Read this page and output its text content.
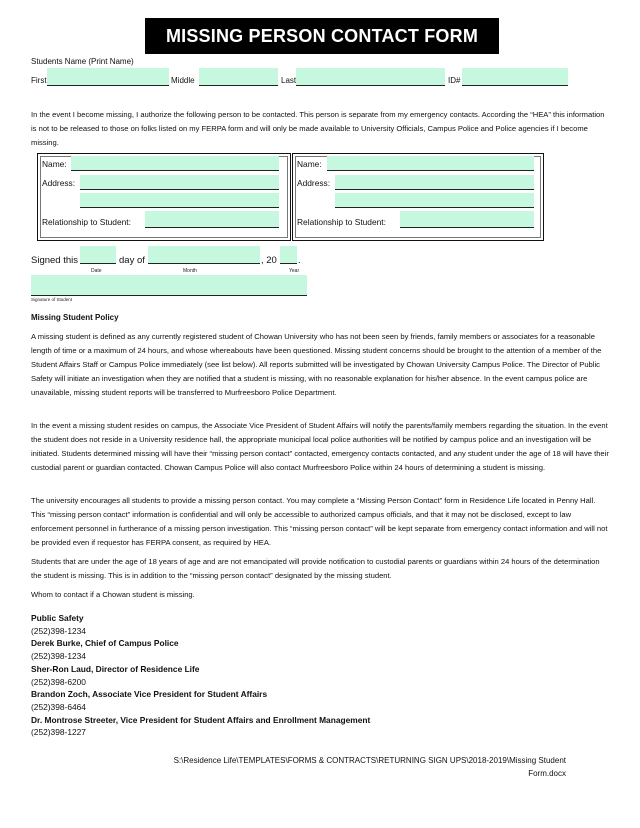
MISSING PERSON CONTACT FORM
Students Name (Print Name)
First	Middle	Last	ID#
In the event I become missing, I authorize the following person to be contacted. This person is separate from my emergency contacts. According the “HEA” this information is not to be released to those on folks listed on my FERPA form and will only be made available to University Officials, Campus Police and Police agencies if I become missing.
Name:
Address:
Relationship to Student:
Name:
Address:
Relationship to Student:
Signed this	day of	, 20 .
Date	Month	Year
Signature of Student
Missing Student Policy
A missing student is defined as any currently registered student of Chowan University who has not been seen by friends, family members or associates for a reasonable length of time or a maximum of 24 hours, and whose whereabouts have been questioned. Missing student concerns should be brought to the attention of a member of the Student Affairs Staff or Campus Police immediately (see list below). All reports submitted will be investigated by Chowan University Campus Police. The Director of Public Safety will initiate an investigation when they are notified that a student is missing, with no reasonable explanation for his/her absence. In the event campus police are unavailable, missing student reports will be transferred to Murfreesboro Police Department.
In the event a missing student resides on campus, the Associate Vice President of Student Affairs will notify the parents/family members regarding the situation. In the event the student does not reside in a University residence hall, the appropriate municipal local police authorities will be notified by campus police and an investigation will be initiated. Students determined missing will have their “missing person contact” contacted, emergency contacts contacted, and any student under the age of 18 will have their custodial parent or guardian contacted. Chowan Campus Police will also contact Murfreesboro Police within 24 hours of determining a student is missing.
The university encourages all students to provide a missing person contact. You may complete a “Missing Person Contact” form in Residence Life located in Penny Hall. This “missing person contact” information is confidential and will only be accessible to authorized campus officials, and that it may not be disclosed, except to law enforcement personnel in furtherance of a missing person investigation. This “missing person contact” will be kept separate from emergency contact information and will not be provided even if requestor has FERPA consent, as required by HEA.
Students that are under the age of 18 years of age and are not emancipated will provide notification to custodial parents or guardians within 24 hours of the determination the student is missing. This is in addition to the “missing person contact” designated by the missing student.
Whom to contact if a Chowan student is missing.
Public Safety
(252)398-1234
Derek Burke, Chief of Campus Police
(252)398-1234
Sher-Ron Laud, Director of Residence Life
(252)398-6200
Brandon Zoch, Associate Vice President for Student Affairs
(252)398-6464
Dr. Montrose Streeter, Vice President for Student Affairs and Enrollment Management
(252)398-1227
S:\Residence Life\TEMPLATES\FORMS & CONTRACTS\RETURNING SIGN UPS\2018-2019\Missing Student
Form.docx
